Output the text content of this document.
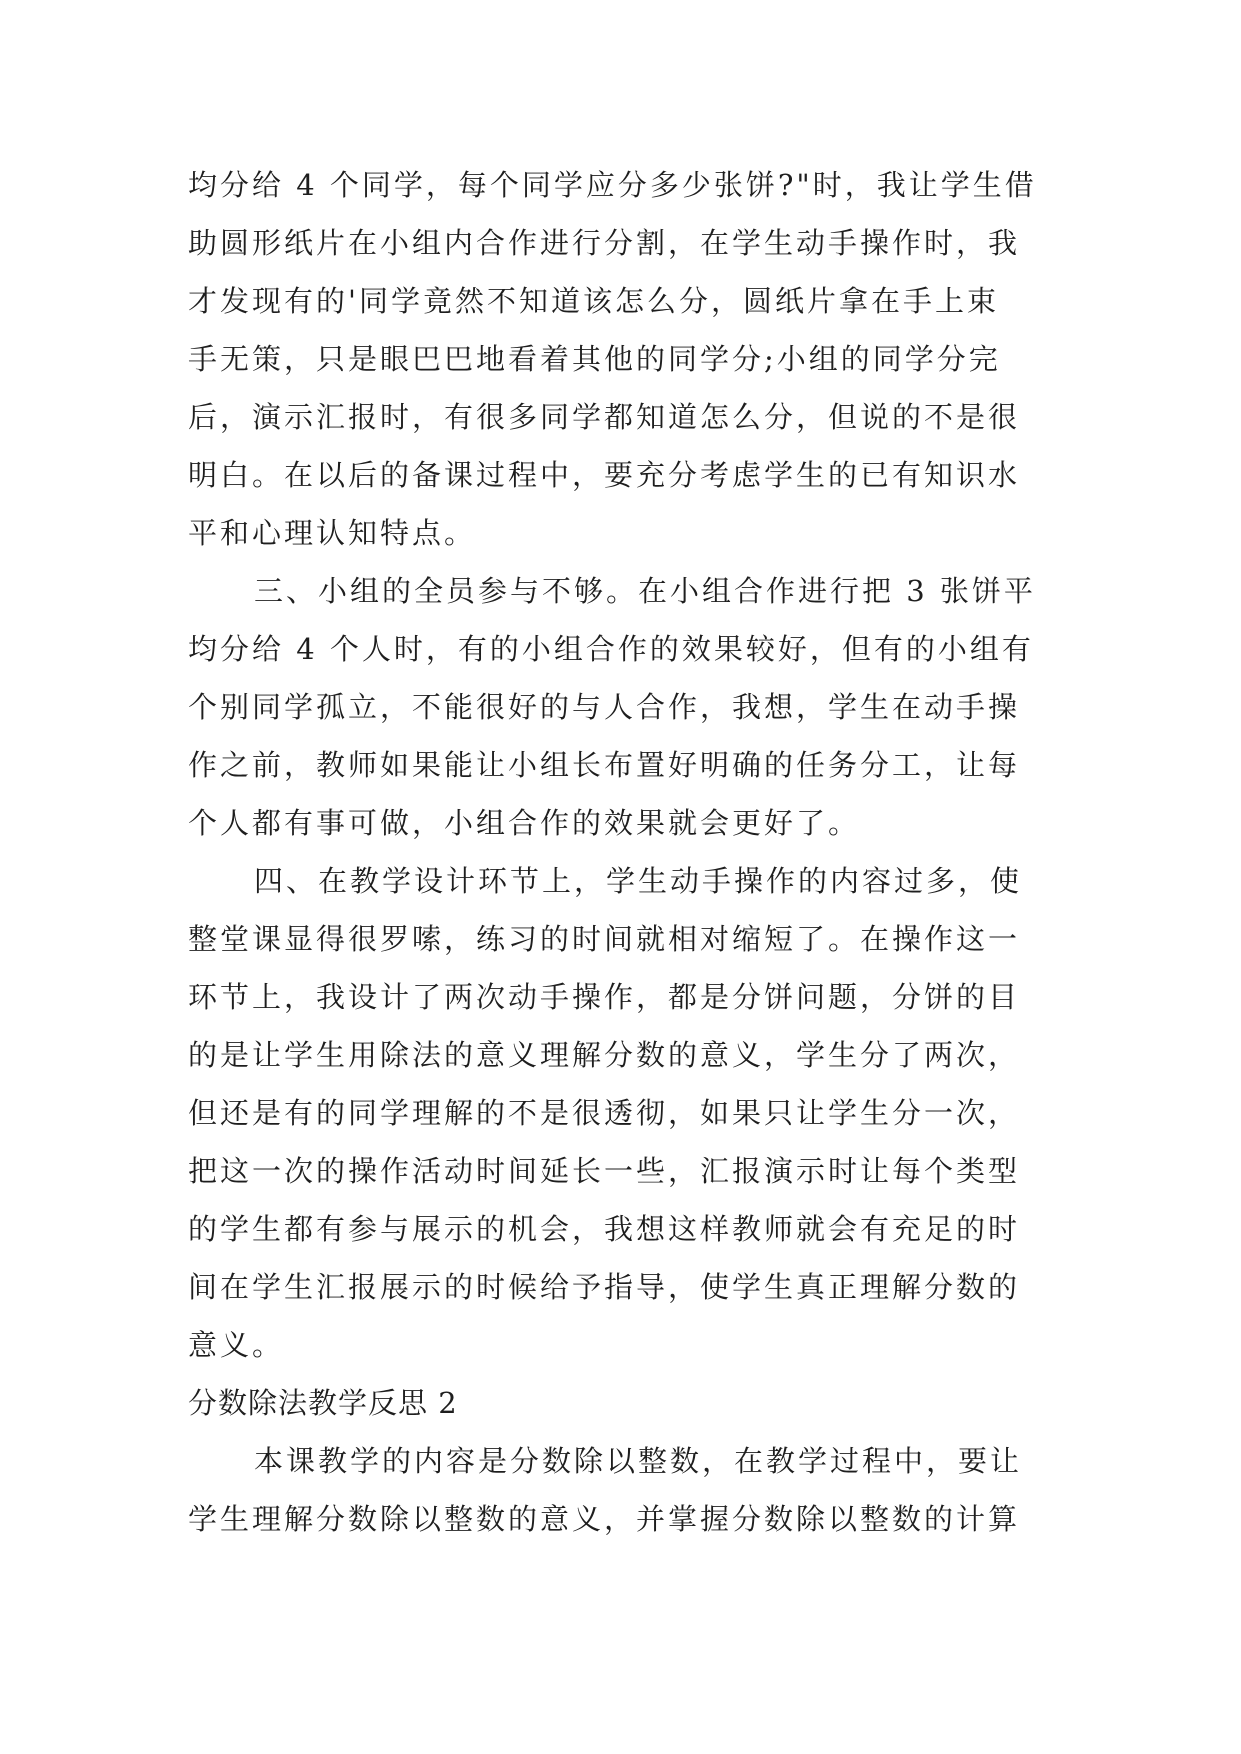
均分给 4 个同学，每个同学应分多少张饼?"时，我让学生借

助圆形纸片在小组内合作进行分割，在学生动手操作时，我

才发现有的'同学竟然不知道该怎么分，圆纸片拿在手上束

手无策，只是眼巴巴地看着其他的同学分;小组的同学分完

后，演示汇报时，有很多同学都知道怎么分，但说的不是很

明白。在以后的备课过程中，要充分考虑学生的已有知识水

平和心理认知特点。

三、小组的全员参与不够。在小组合作进行把 3 张饼平

均分给 4 个人时，有的小组合作的效果较好，但有的小组有

个别同学孤立，不能很好的与人合作，我想，学生在动手操

作之前，教师如果能让小组长布置好明确的任务分工，让每

个人都有事可做，小组合作的效果就会更好了。

四、在教学设计环节上，学生动手操作的内容过多，使

整堂课显得很罗嗦，练习的时间就相对缩短了。在操作这一

环节上，我设计了两次动手操作，都是分饼问题，分饼的目

的是让学生用除法的意义理解分数的意义，学生分了两次，

但还是有的同学理解的不是很透彻，如果只让学生分一次，

把这一次的操作活动时间延长一些，汇报演示时让每个类型

的学生都有参与展示的机会，我想这样教师就会有充足的时

间在学生汇报展示的时候给予指导，使学生真正理解分数的

意义。

分数除法教学反思 2

本课教学的内容是分数除以整数，在教学过程中，要让

学生理解分数除以整数的意义，并掌握分数除以整数的计算
